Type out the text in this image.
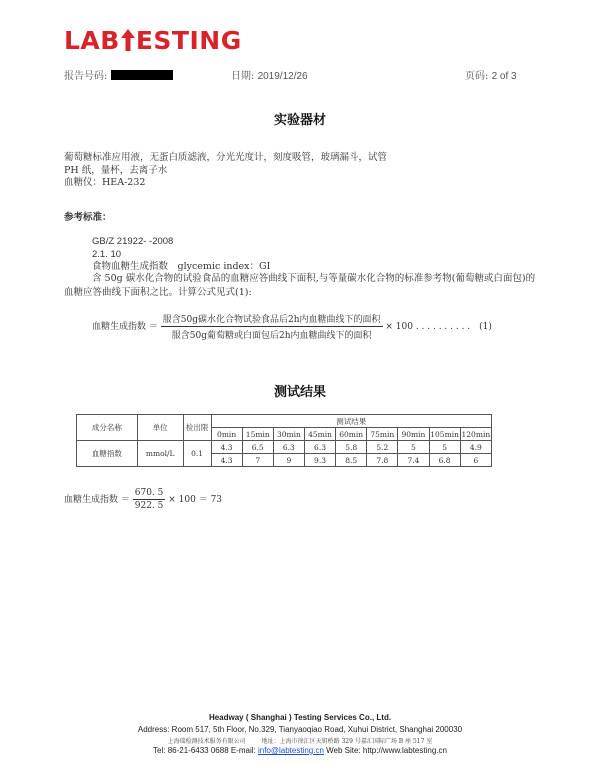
LAB ESTING
报告号码:	日期: 2019/12/26	页码: 2 of 3
实验器材
葡萄糖标准应用液，无蛋白质滤液，分光光度计，刻度吸管，玻璃漏斗，试管
PH 纸，量杯，去离子水
血糖仪：HEA-232
参考标准：
GB/Z 21922- -2008
2.1. 10
食物血糖生成指数　glycemic index：GI
含 50g 碳水化合物的试验食品的血糖应答曲线下面积,与等量碳水化合物的标准参考物(葡萄糖或白面包)的血糖应答曲线下面积之比。计算公式见式(1):
血糖生成指数 ＝ $\frac{\text{服含50g碳水化合物试验食品后2h内血糖曲线下的面积}}{\text{服含50g葡萄糖或白面包后2h内血糖曲线下的面积}} \times 100$ . . . . . . . . . .　(1)
测试结果
成分名称	单位	检出限	测试结果								
			0min	15min	30min	45min	60min	75min	90min	105min	120min
血糖指数	mmol/L	0.1	4.3	6.5	6.3	6.3	5.8	5.2	5	5	4.9
			4.3	7	9	9.3	8.5	7.8	7.4	6.8	6
血糖生成指数 ＝ $\frac{670. 5}{922. 5} \times 100 = 73$
Headway ( Shanghai ) Testing Services Co., Ltd.
Address: Room 517, 5th Floor, No.329, Tianyaoqiao Road, Xuhui District, Shanghai 200030
上海瑞检测技术服务有限公司	地址：上海市徐汇区天钥桥路 329 号嘉汇国际广场 B 座 517 室
Tel: 86-21-6433 0688 E-mail: info@labtesting.cn Web Site: http://www.labtesting.cn
